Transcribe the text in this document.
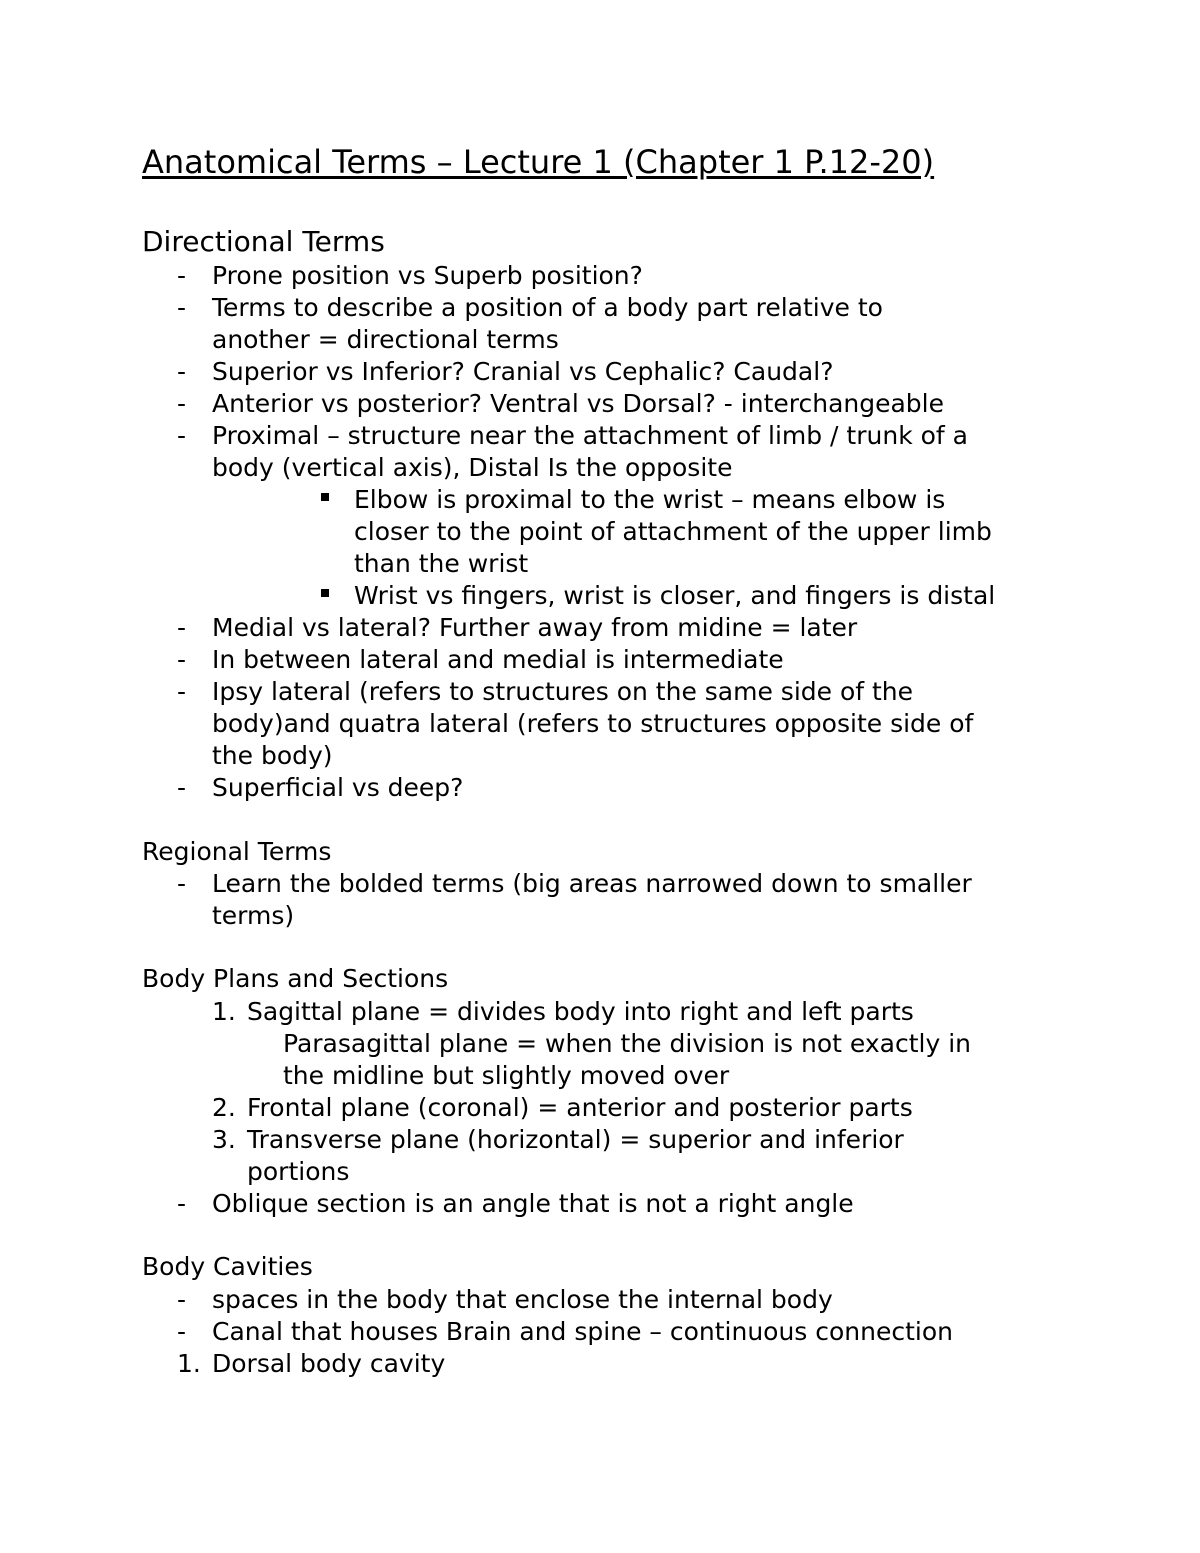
Anatomical Terms – Lecture 1 (Chapter 1 P.12-20)
Directional Terms
- Prone position vs Superb position?
- Terms to describe a position of a body part relative to
another = directional terms
- Superior vs Inferior? Cranial vs Cephalic? Caudal?
- Anterior vs posterior? Ventral vs Dorsal? - interchangeable
- Proximal – structure near the attachment of limb / trunk of a
body (vertical axis), Distal Is the opposite
Elbow is proximal to the wrist – means elbow is
closer to the point of attachment of the upper limb
than the wrist
Wrist vs fingers, wrist is closer, and fingers is distal
- Medial vs lateral? Further away from midine = later
- In between lateral and medial is intermediate
- Ipsy lateral (refers to structures on the same side of the
body)and quatra lateral (refers to structures opposite side of
the body)
- Superficial vs deep?
Regional Terms
- Learn the bolded terms (big areas narrowed down to smaller
terms)
Body Plans and Sections
1. Sagittal plane = divides body into right and left parts
Parasagittal plane = when the division is not exactly in
the midline but slightly moved over
2. Frontal plane (coronal) = anterior and posterior parts
3. Transverse plane (horizontal) = superior and inferior
portions
- Oblique section is an angle that is not a right angle
Body Cavities
- spaces in the body that enclose the internal body
- Canal that houses Brain and spine – continuous connection
1. Dorsal body cavity
